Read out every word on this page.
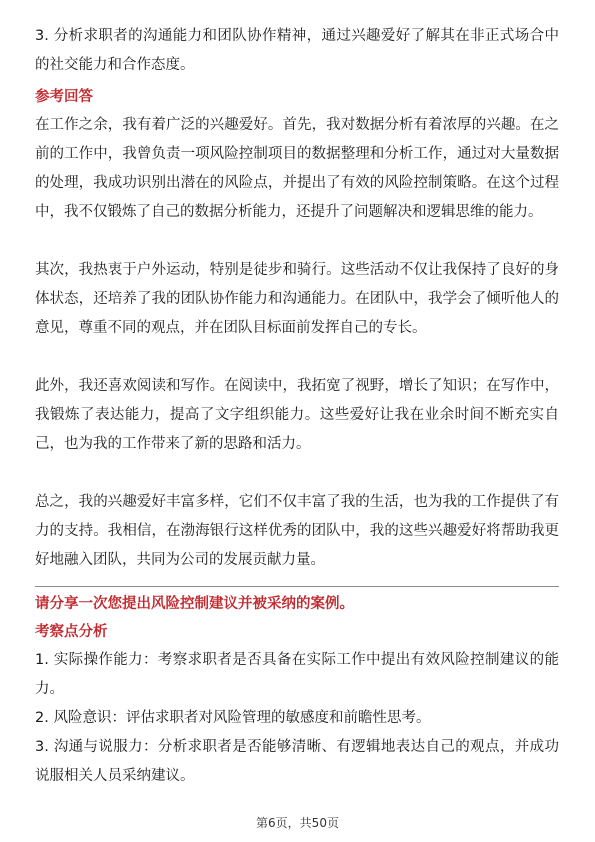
3. 分析求职者的沟通能力和团队协作精神，通过兴趣爱好了解其在非正式场合中的社交能力和合作态度。

参考回答

在工作之余，我有着广泛的兴趣爱好。首先，我对数据分析有着浓厚的兴趣。在之前的工作中，我曾负责一项风险控制项目的数据整理和分析工作，通过对大量数据的处理，我成功识别出潜在的风险点，并提出了有效的风险控制策略。在这个过程中，我不仅锻炼了自己的数据分析能力，还提升了问题解决和逻辑思维的能力。

其次，我热衷于户外运动，特别是徒步和骑行。这些活动不仅让我保持了良好的身体状态，还培养了我的团队协作能力和沟通能力。在团队中，我学会了倾听他人的意见，尊重不同的观点，并在团队目标面前发挥自己的专长。

此外，我还喜欢阅读和写作。在阅读中，我拓宽了视野，增长了知识；在写作中，我锻炼了表达能力，提高了文字组织能力。这些爱好让我在业余时间不断充实自己，也为我的工作带来了新的思路和活力。

总之，我的兴趣爱好丰富多样，它们不仅丰富了我的生活，也为我的工作提供了有力的支持。我相信，在渤海银行这样优秀的团队中，我的这些兴趣爱好将帮助我更好地融入团队，共同为公司的发展贡献力量。

请分享一次您提出风险控制建议并被采纳的案例。
考察点分析

1. 实际操作能力：考察求职者是否具备在实际工作中提出有效风险控制建议的能力。

2. 风险意识：评估求职者对风险管理的敏感度和前瞻性思考。

3. 沟通与说服力：分析求职者是否能够清晰、有逻辑地表达自己的观点，并成功说服相关人员采纳建议。

第6页，共50页
